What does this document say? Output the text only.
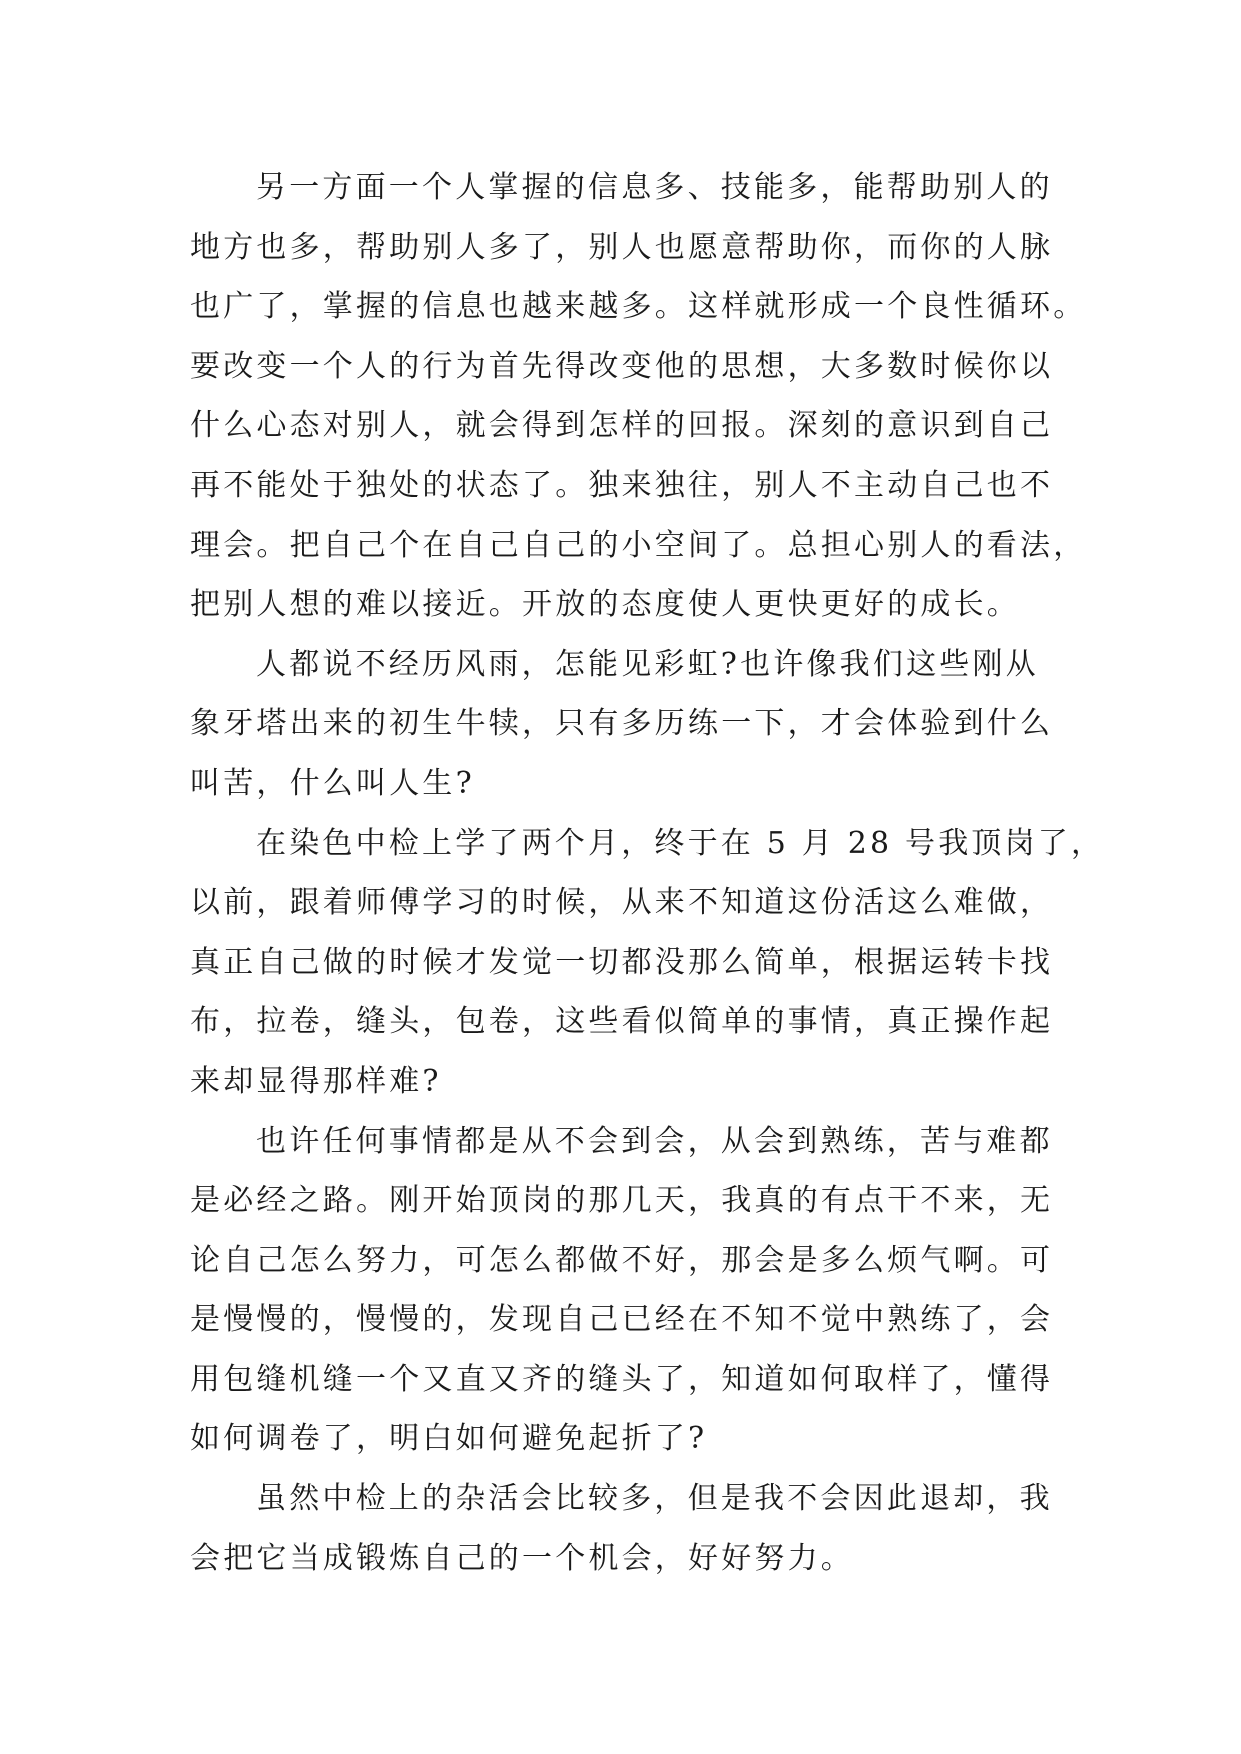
另一方面一个人掌握的信息多、技能多，能帮助别人的
地方也多，帮助别人多了，别人也愿意帮助你，而你的人脉
也广了，掌握的信息也越来越多。这样就形成一个良性循环。
要改变一个人的行为首先得改变他的思想，大多数时候你以
什么心态对别人，就会得到怎样的回报。深刻的意识到自己
再不能处于独处的状态了。独来独往，别人不主动自己也不
理会。把自己个在自己自己的小空间了。总担心别人的看法，
把别人想的难以接近。开放的态度使人更快更好的成长。
人都说不经历风雨，怎能见彩虹?也许像我们这些刚从
象牙塔出来的初生牛犊，只有多历练一下，才会体验到什么
叫苦，什么叫人生?
在染色中检上学了两个月，终于在 5 月 28 号我顶岗了，
以前，跟着师傅学习的时候，从来不知道这份活这么难做，
真正自己做的时候才发觉一切都没那么简单，根据运转卡找
布，拉卷，缝头，包卷，这些看似简单的事情，真正操作起
来却显得那样难?
也许任何事情都是从不会到会，从会到熟练，苦与难都
是必经之路。刚开始顶岗的那几天，我真的有点干不来，无
论自己怎么努力，可怎么都做不好，那会是多么烦气啊。可
是慢慢的，慢慢的，发现自己已经在不知不觉中熟练了，会
用包缝机缝一个又直又齐的缝头了，知道如何取样了，懂得
如何调卷了，明白如何避免起折了?
虽然中检上的杂活会比较多，但是我不会因此退却，我
会把它当成锻炼自己的一个机会，好好努力。
